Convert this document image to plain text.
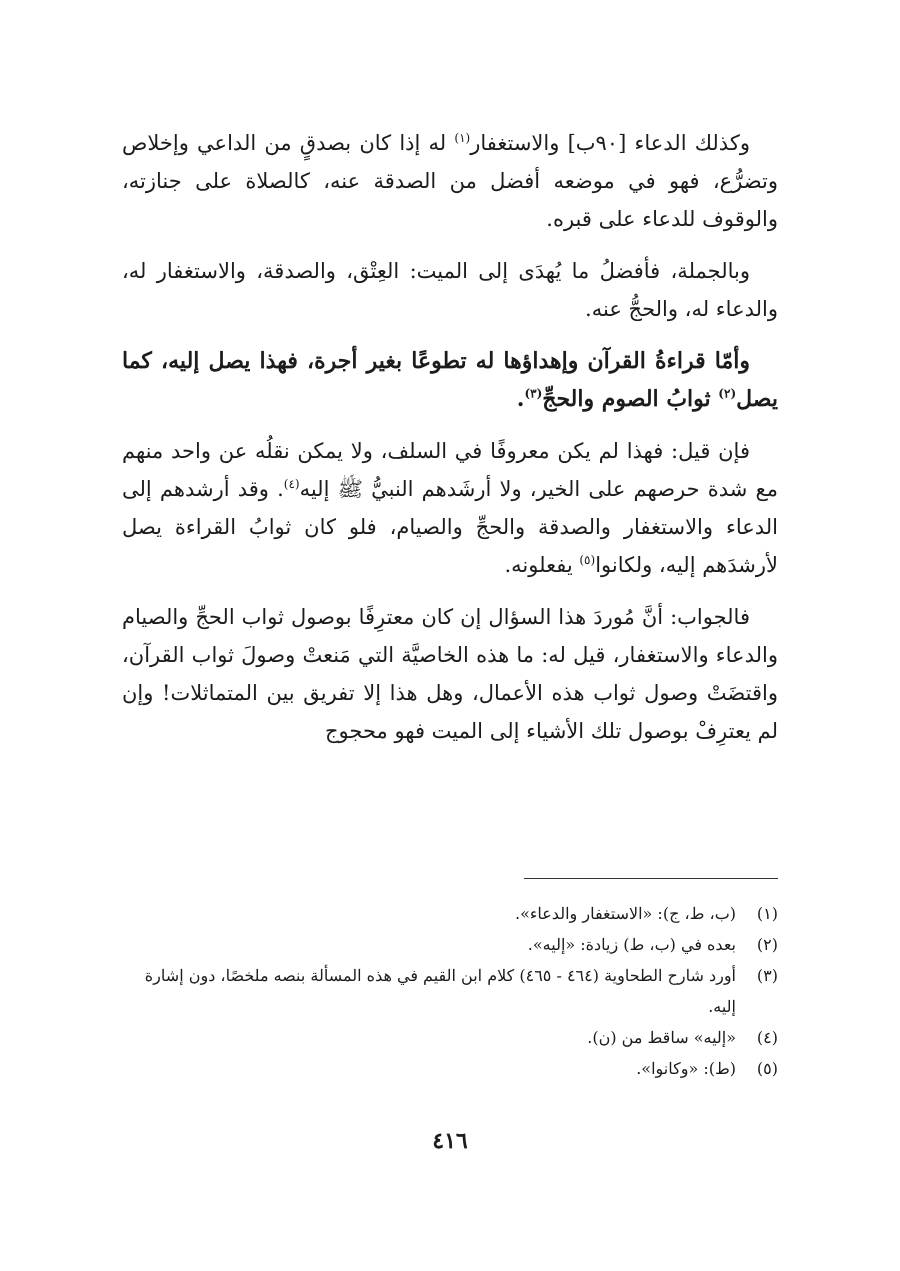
وكذلك الدعاء [٩٠ب] والاستغفار$^{(١)}$ له إذا كان بصدقٍ من الداعي وإخلاص وتضرُّع، فهو في موضعه أفضل من الصدقة عنه، كالصلاة على جنازته، والوقوف للدعاء على قبره.

وبالجملة، فأفضلُ ما يُهدَى إلى الميت: العِتْق، والصدقة، والاستغفار له، والدعاء له، والحجُّ عنه.

وأمّا قراءةُ القرآن وإهداؤها له تطوعًا بغير أجرة، فهذا يصل إليه، كما يصل$^{(٢)}$ ثوابُ الصوم والحجِّ$^{(٣)}$.

فإن قيل: فهذا لم يكن معروفًا في السلف، ولا يمكن نقلُه عن واحد منهم مع شدة حرصهم على الخير، ولا أرشَدهم النبيُّ ﷺ إليه$^{(٤)}$. وقد أرشدهم إلى الدعاء والاستغفار والصدقة والحجِّ والصيام، فلو كان ثوابُ القراءة يصل لأرشدَهم إليه، ولكانوا$^{(٥)}$ يفعلونه.

فالجواب: أنَّ مُوردَ هذا السؤال إن كان معترِفًا بوصول ثواب الحجِّ والصيام والدعاء والاستغفار، قيل له: ما هذه الخاصيَّة التي مَنعتْ وصولَ ثواب القرآن، واقتضَتْ وصول ثواب هذه الأعمال، وهل هذا إلا تفريق بين المتماثلات! وإن لم يعترِفْ بوصول تلك الأشياء إلى الميت فهو محجوج

(١)
(ب، ط، ج): «الاستغفار والدعاء».
(٢)
بعده في (ب، ط) زيادة: «إليه».
(٣)
أورد شارح الطحاوية (٤٦٤ - ٤٦٥) كلام ابن القيم في هذه المسألة بنصه ملخصًا، دون إشارة إليه.
(٤)
«إليه» ساقط من (ن).
(٥)
(ط): «وكانوا».
٤١٦
